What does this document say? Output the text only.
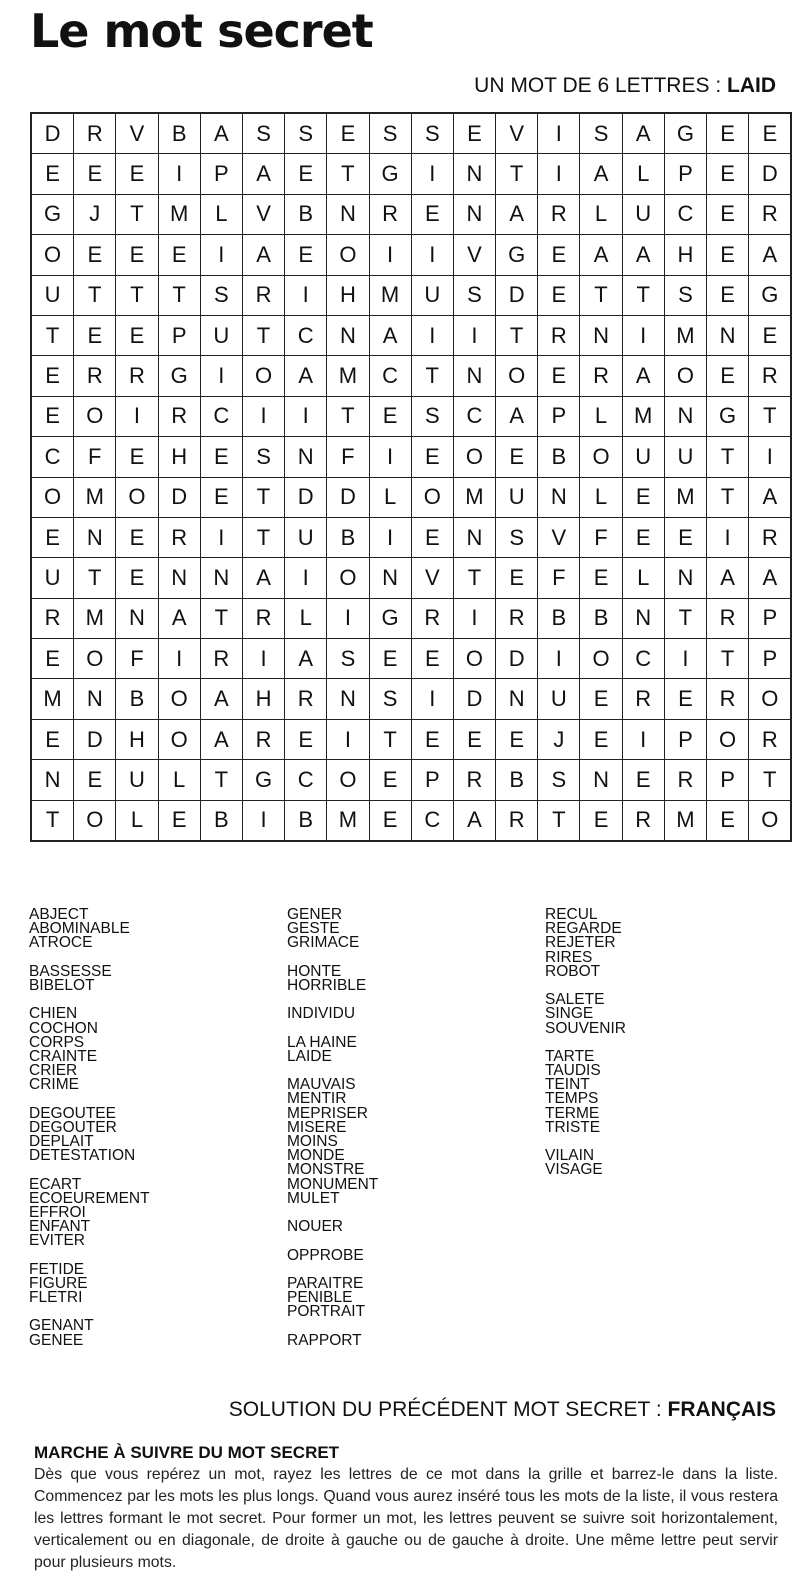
Le mot secret
UN MOT DE 6 LETTRES : LAID
D	R	V	B	A	S	S	E	S	S	E	V	I	S	A	G	E	E
E	E	E	I	P	A	E	T	G	I	N	T	I	A	L	P	E	D
G	J	T	M	L	V	B	N	R	E	N	A	R	L	U	C	E	R
O	E	E	E	I	A	E	O	I	I	V	G	E	A	A	H	E	A
U	T	T	T	S	R	I	H	M	U	S	D	E	T	T	S	E	G
T	E	E	P	U	T	C	N	A	I	I	T	R	N	I	M	N	E
E	R	R	G	I	O	A	M	C	T	N	O	E	R	A	O	E	R
E	O	I	R	C	I	I	T	E	S	C	A	P	L	M	N	G	T
C	F	E	H	E	S	N	F	I	E	O	E	B	O	U	U	T	I
O	M	O	D	E	T	D	D	L	O	M	U	N	L	E	M	T	A
E	N	E	R	I	T	U	B	I	E	N	S	V	F	E	E	I	R
U	T	E	N	N	A	I	O	N	V	T	E	F	E	L	N	A	A
R	M	N	A	T	R	L	I	G	R	I	R	B	B	N	T	R	P
E	O	F	I	R	I	A	S	E	E	O	D	I	O	C	I	T	P
M	N	B	O	A	H	R	N	S	I	D	N	U	E	R	E	R	O
E	D	H	O	A	R	E	I	T	E	E	E	J	E	I	P	O	R
N	E	U	L	T	G	C	O	E	P	R	B	S	N	E	R	P	T
T	O	L	E	B	I	B	M	E	C	A	R	T	E	R	M	E	O
ABJECT
ABOMINABLE
ATROCE
BASSESSE
BIBELOT
CHIEN
COCHON
CORPS
CRAINTE
CRIER
CRIME
DEGOUTEE
DEGOUTER
DEPLAIT
DETESTATION
ECART
ECOEUREMENT
EFFROI
ENFANT
EVITER
FETIDE
FIGURE
FLETRI
GENANT
GENEE
GENER
GESTE
GRIMACE
HONTE
HORRIBLE
INDIVIDU
LA HAINE
LAIDE
MAUVAIS
MENTIR
MEPRISER
MISERE
MOINS
MONDE
MONSTRE
MONUMENT
MULET
NOUER
OPPROBE
PARAITRE
PENIBLE
PORTRAIT
RAPPORT
RECUL
REGARDE
REJETER
RIRES
ROBOT
SALETE
SINGE
SOUVENIR
TARTE
TAUDIS
TEINT
TEMPS
TERME
TRISTE
VILAIN
VISAGE
SOLUTION DU PRÉCÉDENT MOT SECRET : FRANÇAIS
MARCHE À SUIVRE DU MOT SECRET
Dès que vous repérez un mot, rayez les lettres de ce mot dans la grille et barrez-le dans la liste. Commencez par les mots les plus longs. Quand vous aurez inséré tous les mots de la liste, il vous restera les lettres formant le mot secret. Pour former un mot, les lettres peuvent se suivre soit horizontalement, verticalement ou en diagonale, de droite à gauche ou de gauche à droite. Une même lettre peut servir pour plusieurs mots.
